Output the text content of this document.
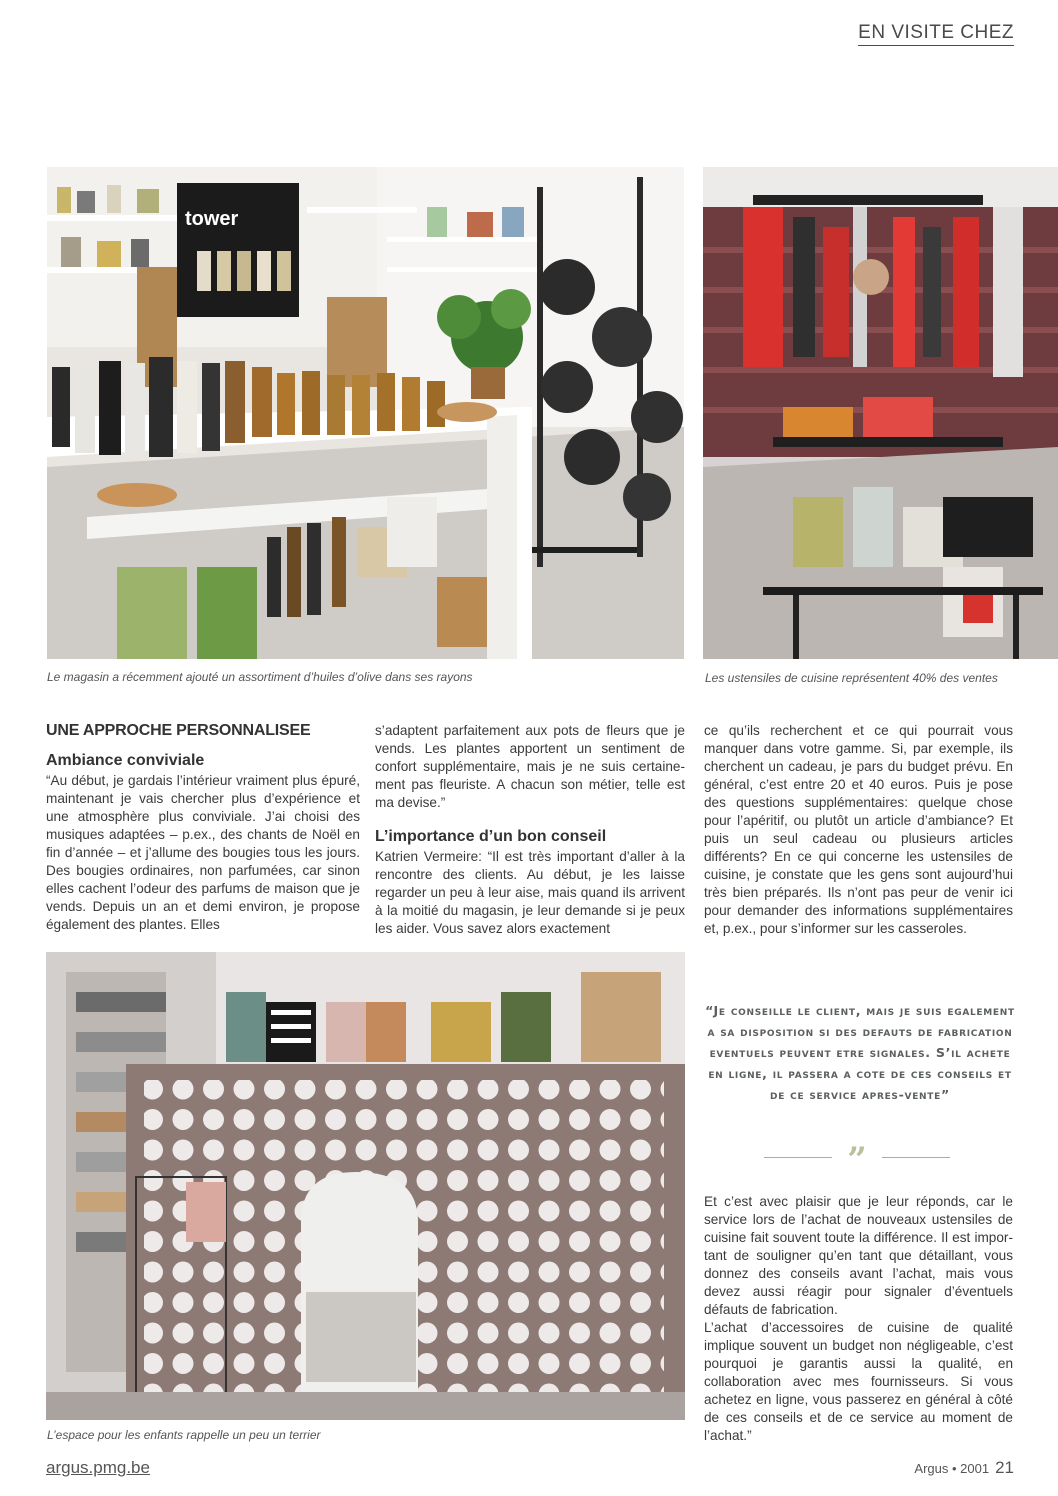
EN VISITE CHEZ
tower
Le magasin a récemment ajouté un assortiment d’huiles d’olive dans ses rayons	Les ustensiles de cuisine représentent 40% des ventes
UNE APPROCHE PERSONNALISEE
Ambiance conviviale

“Au début, je gardais l’intérieur vraiment plus épuré, maintenant je vais chercher plus d’expérience et une atmosphère plus conviviale. J’ai choisi des musiques adaptées – p.ex., des chants de Noël en fin d’année – et j’allume des bougies tous les jours. Des bougies ordinaires, non parfumées, car sinon elles cachent l’odeur des parfums de maison que je vends. Depuis un an et demi environ, je propose également des plantes. Elles

s’adaptent parfaitement aux pots de fleurs que je vends. Les plantes apportent un sentiment de confort supplémentaire, mais je ne suis certainement pas fleuriste. A chacun son métier, telle est ma devise.”

L’importance d’un bon conseil

Katrien Vermeire: “Il est très important d’aller à la rencontre des clients. Au début, je les laisse regarder un peu à leur aise, mais quand ils arrivent à la moitié du magasin, je leur demande si je peux les aider. Vous savez alors exactement

ce qu’ils recherchent et ce qui pourrait vous manquer dans votre gamme. Si, par exemple, ils cherchent un cadeau, je pars du budget prévu. En général, c’est entre 20 et 40 euros. Puis je pose des questions supplémentaires: quelque chose pour l’apéritif, ou plutôt un article d’ambiance? Et puis un seul cadeau ou plusieurs articles différents? En ce qui concerne les ustensiles de cuisine, je constate que les gens sont aujourd’hui très bien préparés. Ils n’ont pas peur de venir ici pour demander des informations supplémentaires et, p.ex., pour s’informer sur les casseroles.

“Je conseille le client, mais je suis egalement a sa disposition si des defauts de fabrication eventuels peuvent etre signales. S’il achete en ligne, il passera a cote de ces conseils et de ce service apres-vente”
”

Et c’est avec plaisir que je leur réponds, car le service lors de l’achat de nouveaux ustensiles de cuisine fait souvent toute la différence. Il est important de souligner qu’en tant que détaillant, vous donnez des conseils avant l’achat, mais vous devez aussi réagir pour signaler d’éventuels défauts de fabrication.

L’achat d’accessoires de cuisine de qualité implique souvent un budget non négligeable, c’est pourquoi je garantis aussi la qualité, en collaboration avec mes fournisseurs. Si vous achetez en ligne, vous passerez en général à côté de ces conseils et de ce service au moment de l’achat.”

L’espace pour les enfants rappelle un peu un terrier
argus.pmg.be	Argus • 2001 21
